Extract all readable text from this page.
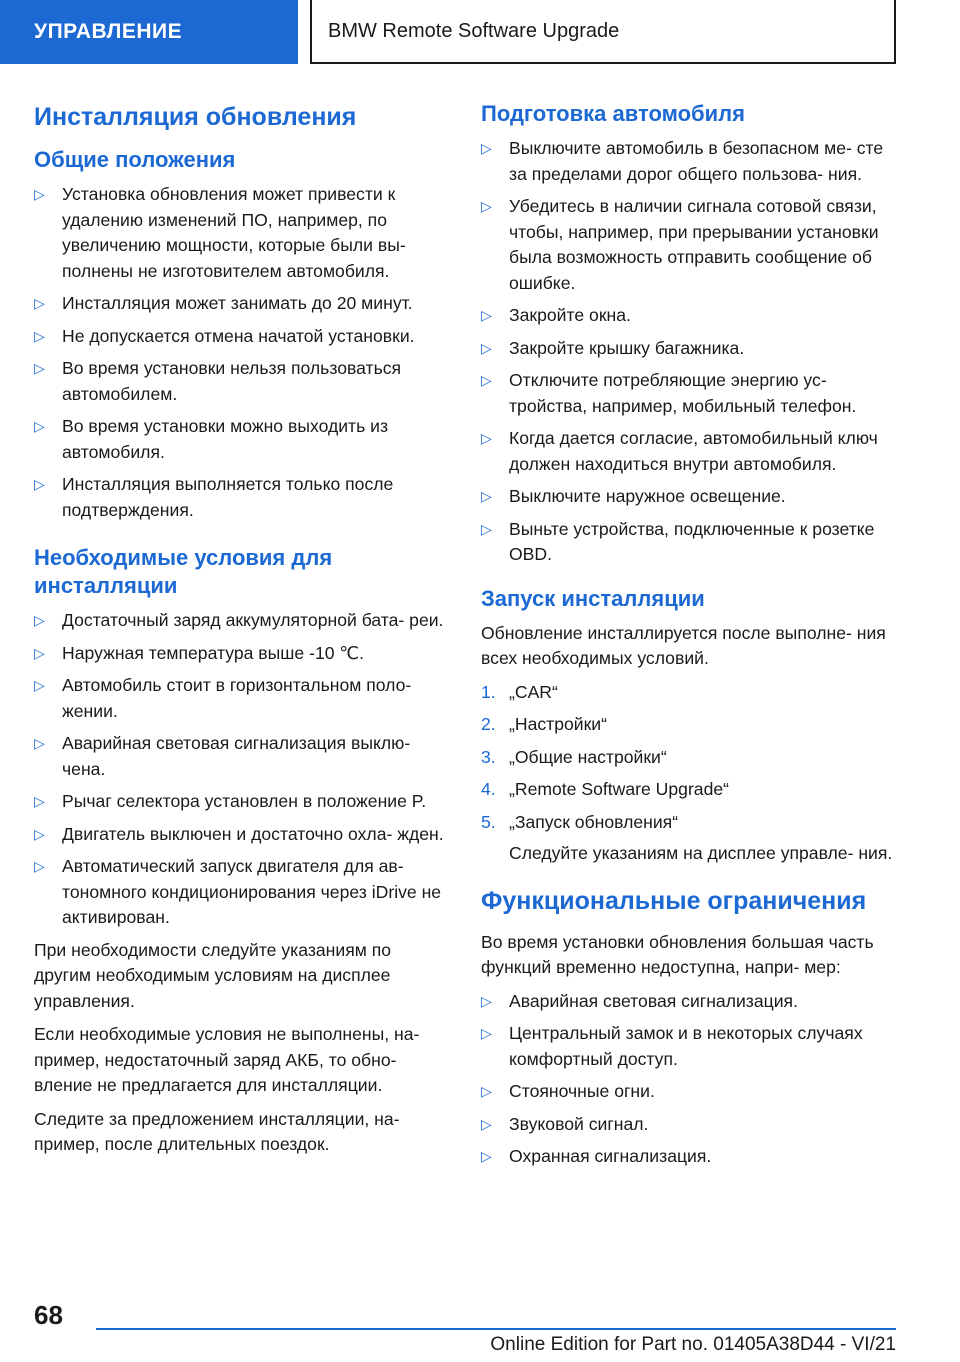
УПРАВЛЕНИЕ	BMW Remote Software Upgrade
Инсталляция обновления
Общие положения
▷ Установка обновления может привести к удалению изменений ПО, например, по увеличению мощности, которые были вы- полнены не изготовителем автомобиля.
▷ Инсталляция может занимать до 20 минут.
▷ Не допускается отмена начатой установки.
▷ Во время установки нельзя пользоваться автомобилем.
▷ Во время установки можно выходить из автомобиля.
▷ Инсталляция выполняется только после подтверждения.
Необходимые условия для инсталляции
▷ Достаточный заряд аккумуляторной бата- реи.
▷ Наружная температура выше -10 ℃.
▷ Автомобиль стоит в горизонтальном поло- жении.
▷ Аварийная световая сигнализация выклю- чена.
▷ Рычаг селектора установлен в положение P.
▷ Двигатель выключен и достаточно охла- жден.
▷ Автоматический запуск двигателя для ав- тономного кондиционирования через iDrive не активирован.

При необходимости следуйте указаниям по другим необходимым условиям на дисплее управления.

Если необходимые условия не выполнены, на- пример, недостаточный заряд АКБ, то обно- вление не предлагается для инсталляции.

Следите за предложением инсталляции, на- пример, после длительных поездок.

Подготовка автомобиля
▷ Выключите автомобиль в безопасном ме- сте за пределами дорог общего пользова- ния.
▷ Убедитесь в наличии сигнала сотовой связи, чтобы, например, при прерывании установки была возможность отправить сообщение об ошибке.
▷ Закройте окна.
▷ Закройте крышку багажника.
▷ Отключите потребляющие энергию ус- тройства, например, мобильный телефон.
▷ Когда дается согласие, автомобильный ключ должен находиться внутри автомобиля.
▷ Выключите наружное освещение.
▷ Выньте устройства, подключенные к розетке OBD.
Запуск инсталляции

Обновление инсталлируется после выполне- ния всех необходимых условий.

1. „CAR“
2. „Настройки“
3. „Общие настройки“
4. „Remote Software Upgrade“
5. „Запуск обновления“
Следуйте указаниям на дисплее управле- ния.
Функциональные ограничения

Во время установки обновления большая часть функций временно недоступна, напри- мер:

▷ Аварийная световая сигнализация.
▷ Центральный замок и в некоторых случаях комфортный доступ.
▷ Стояночные огни.
▷ Звуковой сигнал.
▷ Охранная сигнализация.
68
Online Edition for Part no. 01405A38D44 - VI/21
